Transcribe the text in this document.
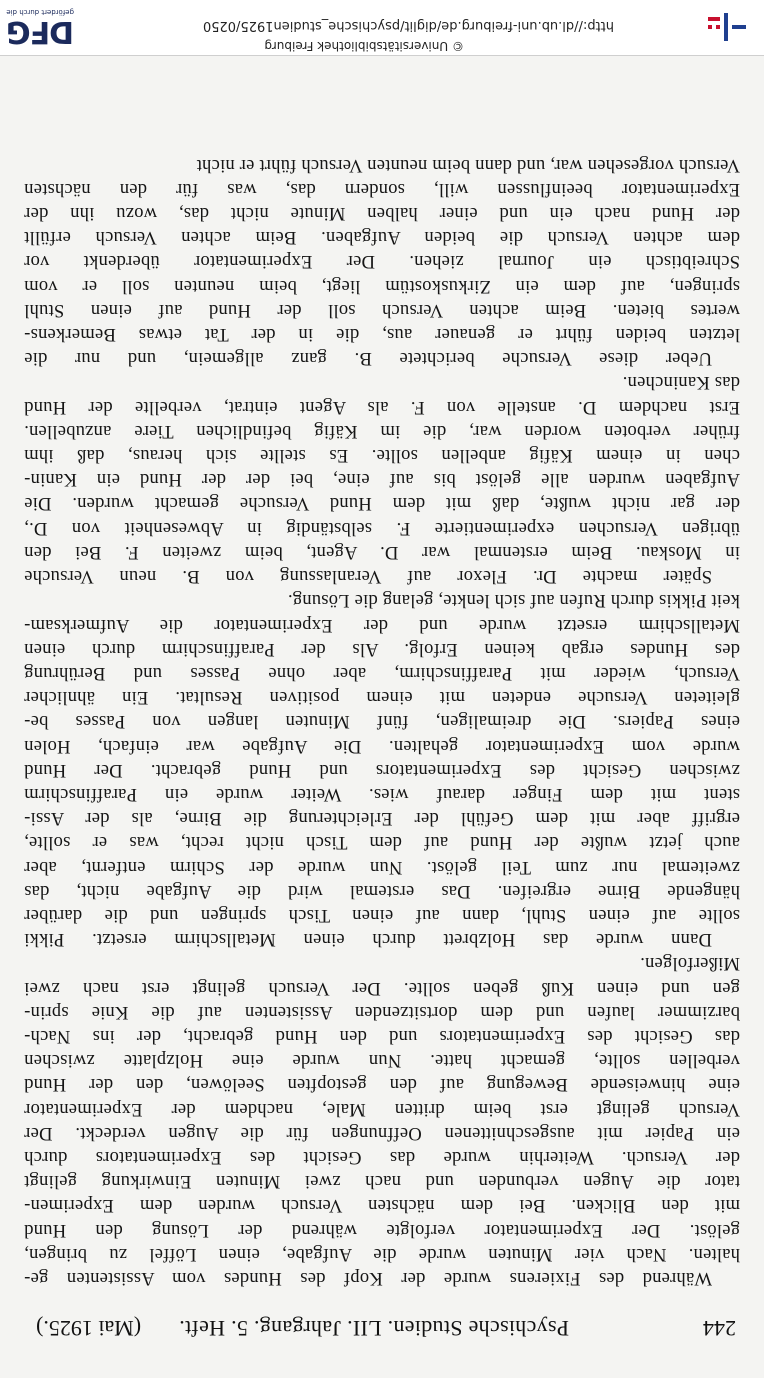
244
Psychische Studien. LII. Jahrgang. 5. Heft.
(Mai 1925.)
Während des Fixierens wurde der Kopf des Hundes vom Assistenten ge-
halten. Nach vier Minuten wurde die Aufgabe, einen Löffel zu bringen,
gelöst. Der Experimentator verfolgte während der Lösung den Hund
mit den Blicken. Bei dem nächsten Versuch wurden dem Experimen-
tator die Augen verbunden und nach zwei Minuten Einwirkung gelingt
der Versuch. Weiterhin wurde das Gesicht des Experimentators durch
ein Papier mit ausgeschnittenen Oeffnungen für die Augen verdeckt. Der
Versuch gelingt erst beim dritten Male, nachdem der Experimentator
eine hinweisende Bewegung auf den gestopften Seelöwen, den der Hund
verbellen sollte, gemacht hatte. Nun wurde eine Holzplatte zwischen
das Gesicht des Experimentators und den Hund gebracht, der ins Nach-
barzimmer laufen und dem dortsitzenden Assistenten auf die Knie sprin-
gen und einen Kuß geben sollte. Der Versuch gelingt erst nach zwei
Mißerfolgen.
Dann wurde das Holzbrett durch einen Metallschirm ersetzt. Pikki
sollte auf einen Stuhl, dann auf einen Tisch springen und die darüber
hängende Birne ergreifen. Das erstemal wird die Aufgabe nicht, das
zweitemal nur zum Teil gelöst. Nun wurde der Schirm entfernt, aber
auch jetzt wußte der Hund auf dem Tisch nicht recht, was er sollte,
ergriff aber mit dem Gefühl der Erleichterung die Birne, als der Assi-
stent mit dem Finger darauf wies. Weiter wurde ein Paraffinschirm
zwischen Gesicht des Experimentators und Hund gebracht. Der Hund
wurde vom Experimentator gehalten. Die Aufgabe war einfach, Holen
eines Papiers. Die dreimaligen, fünf Minuten langen von Passes be-
gleiteten Versuche endeten mit einem positiven Resultat. Ein ähnlicher
Versuch, wieder mit Paraffinschirm, aber ohne Passes und Berührung
des Hundes ergab keinen Erfolg. Als der Paraffinschirm durch einen
Metallschirm ersetzt wurde und der Experimentator die Aufmerksam-
keit Pikkis durch Rufen auf sich lenkte, gelang die Lösung.
Später machte Dr. Flexor auf Veranlassung von B. neun Versuche
in Moskau. Beim erstenmal war D. Agent, beim zweiten F. Bei den
übrigen Versuchen experimentierte F. selbständig in Abwesenheit von D.,
der gar nicht wußte, daß mit dem Hund Versuche gemacht wurden. Die
Aufgaben wurden alle gelöst bis auf eine, bei der der Hund ein Kanin-
chen in einem Käfig anbellen sollte. Es stellte sich heraus, daß ihm
früher verboten worden war, die im Käfig befindlichen Tiere anzubellen.
Erst nachdem D. anstelle von F. als Agent eintrat, verbellte der Hund
das Kaninchen.
Ueber diese Versuche berichtete B. ganz allgemein, und nur die
letzten beiden führt er genauer aus, die in der Tat etwas Bemerkens-
wertes bieten. Beim achten Versuch soll der Hund auf einen Stuhl
springen, auf dem ein Zirkuskostüm liegt, beim neunten soll er vom
Schreibtisch ein Journal ziehen. Der Experimentator überdenkt vor
dem achten Versuch die beiden Aufgaben. Beim achten Versuch erfüllt
der Hund nach ein und einer halben Minute nicht das, wozu ihn der
Experimentator beeinflussen will, sondern das, was für den nächsten
Versuch vorgesehen war, und dann beim neunten Versuch führt er nicht
http://dl.ub.uni-freiburg.de/diglit/psychische_studien1925/0250
© Universitätsbibliothek Freiburg
DFG
gefördert durch die
